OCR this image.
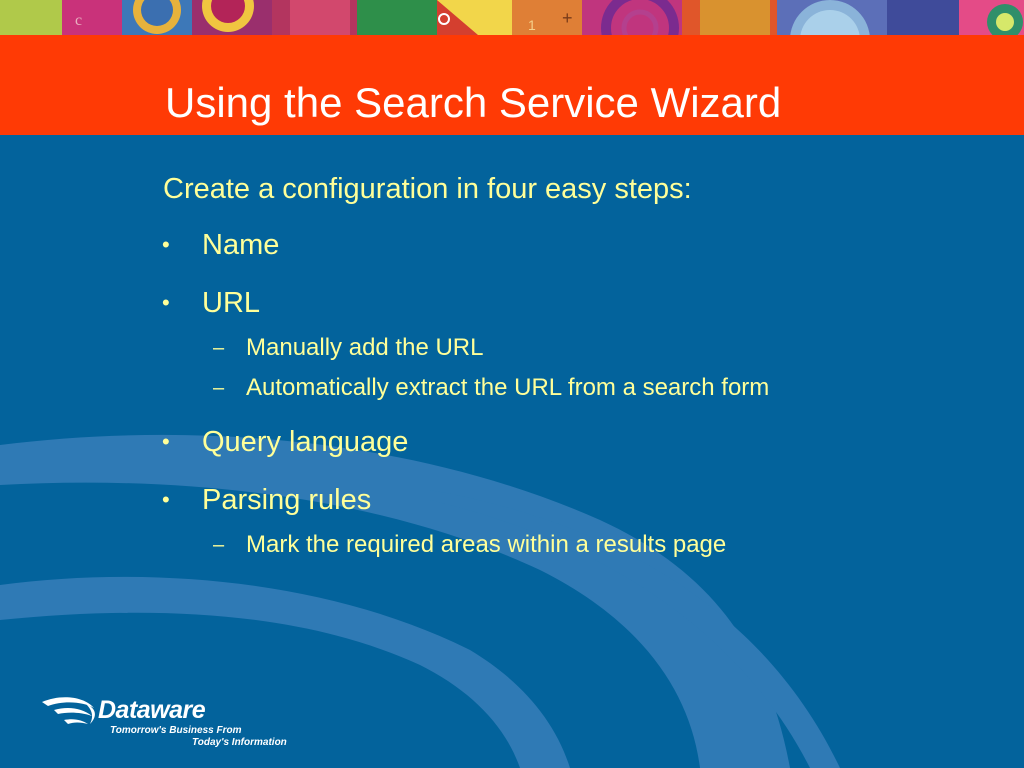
c	1 +
Using the Search Service Wizard

Create a configuration in four easy steps:

•	Name
•	URL
– Manually add the URL
– Automatically extract the URL from a search form
•	Query language
•	Parsing rules
– Mark the required areas within a results page
Dataware
Tomorrow's Business From
Today's Information
